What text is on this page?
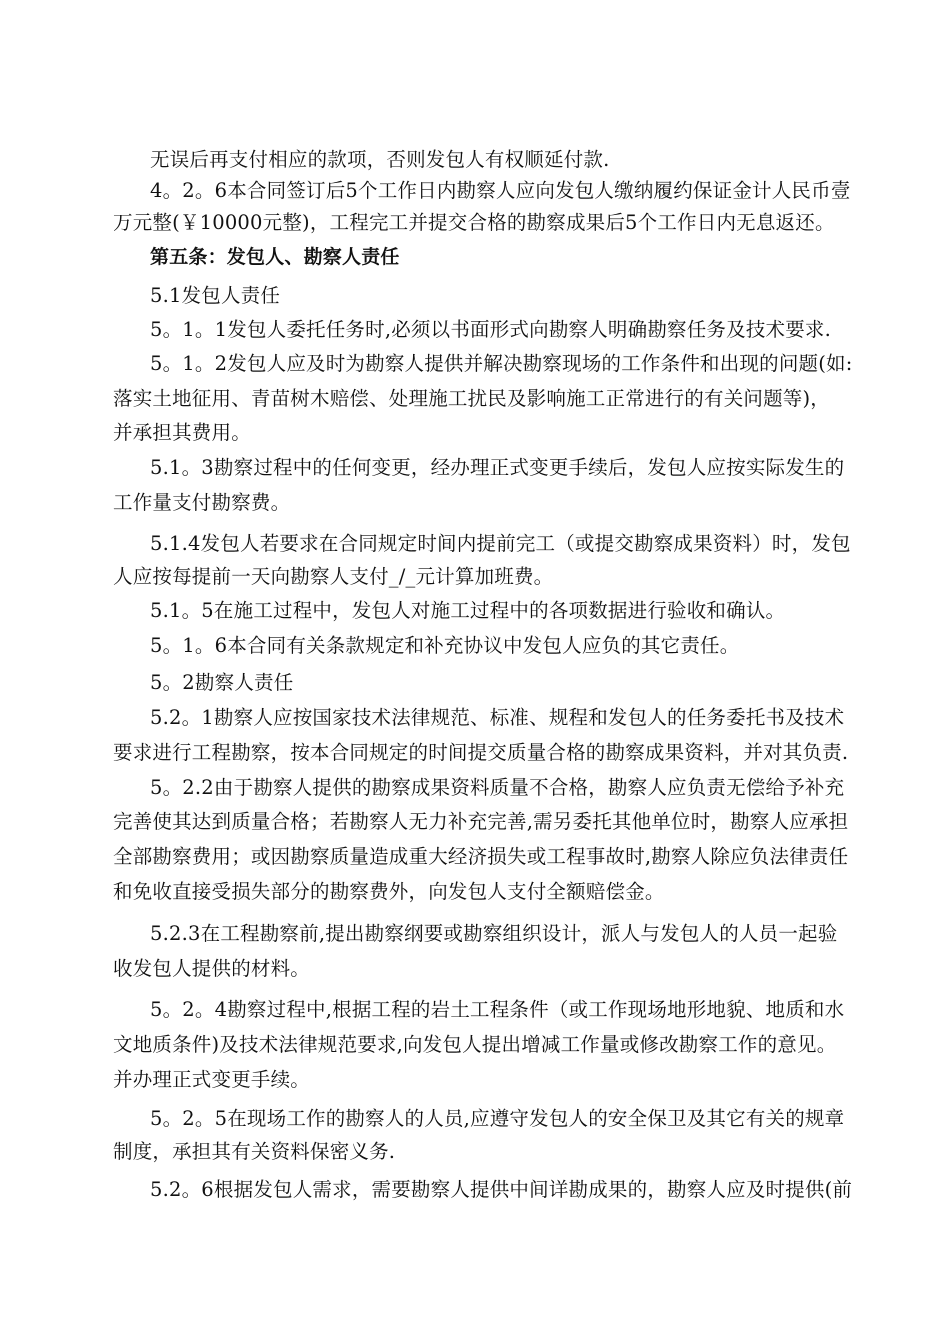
无误后再支付相应的款项，否则发包人有权顺延付款.
4。2。6本合同签订后5个工作日内勘察人应向发包人缴纳履约保证金计人民币壹
万元整(￥10000元整)，工程完工并提交合格的勘察成果后5个工作日内无息返还。
第五条：发包人、勘察人责任
5.1发包人责任
5。1。1发包人委托任务时,必须以书面形式向勘察人明确勘察任务及技术要求.
5。1。2发包人应及时为勘察人提供并解决勘察现场的工作条件和出现的问题(如:
落实土地征用、青苗树木赔偿、处理施工扰民及影响施工正常进行的有关问题等)，
并承担其费用。
5.1。3勘察过程中的任何变更，经办理正式变更手续后，发包人应按实际发生的
工作量支付勘察费。
5.1.4发包人若要求在合同规定时间内提前完工（或提交勘察成果资料）时，发包
人应按每提前一天向勘察人支付_/_元计算加班费。
5.1。5在施工过程中，发包人对施工过程中的各项数据进行验收和确认。
5。1。6本合同有关条款规定和补充协议中发包人应负的其它责任。
5。2勘察人责任
5.2。1勘察人应按国家技术法律规范、标准、规程和发包人的任务委托书及技术
要求进行工程勘察，按本合同规定的时间提交质量合格的勘察成果资料，并对其负责.
5。2.2由于勘察人提供的勘察成果资料质量不合格，勘察人应负责无偿给予补充
完善使其达到质量合格；若勘察人无力补充完善,需另委托其他单位时，勘察人应承担
全部勘察费用；或因勘察质量造成重大经济损失或工程事故时,勘察人除应负法律责任
和免收直接受损失部分的勘察费外，向发包人支付全额赔偿金。
5.2.3在工程勘察前,提出勘察纲要或勘察组织设计，派人与发包人的人员一起验
收发包人提供的材料。
5。2。4勘察过程中,根据工程的岩土工程条件（或工作现场地形地貌、地质和水
文地质条件)及技术法律规范要求,向发包人提出增减工作量或修改勘察工作的意见。
并办理正式变更手续。
5。2。5在现场工作的勘察人的人员,应遵守发包人的安全保卫及其它有关的规章
制度，承担其有关资料保密义务.
5.2。6根据发包人需求，需要勘察人提供中间详勘成果的，勘察人应及时提供(前
